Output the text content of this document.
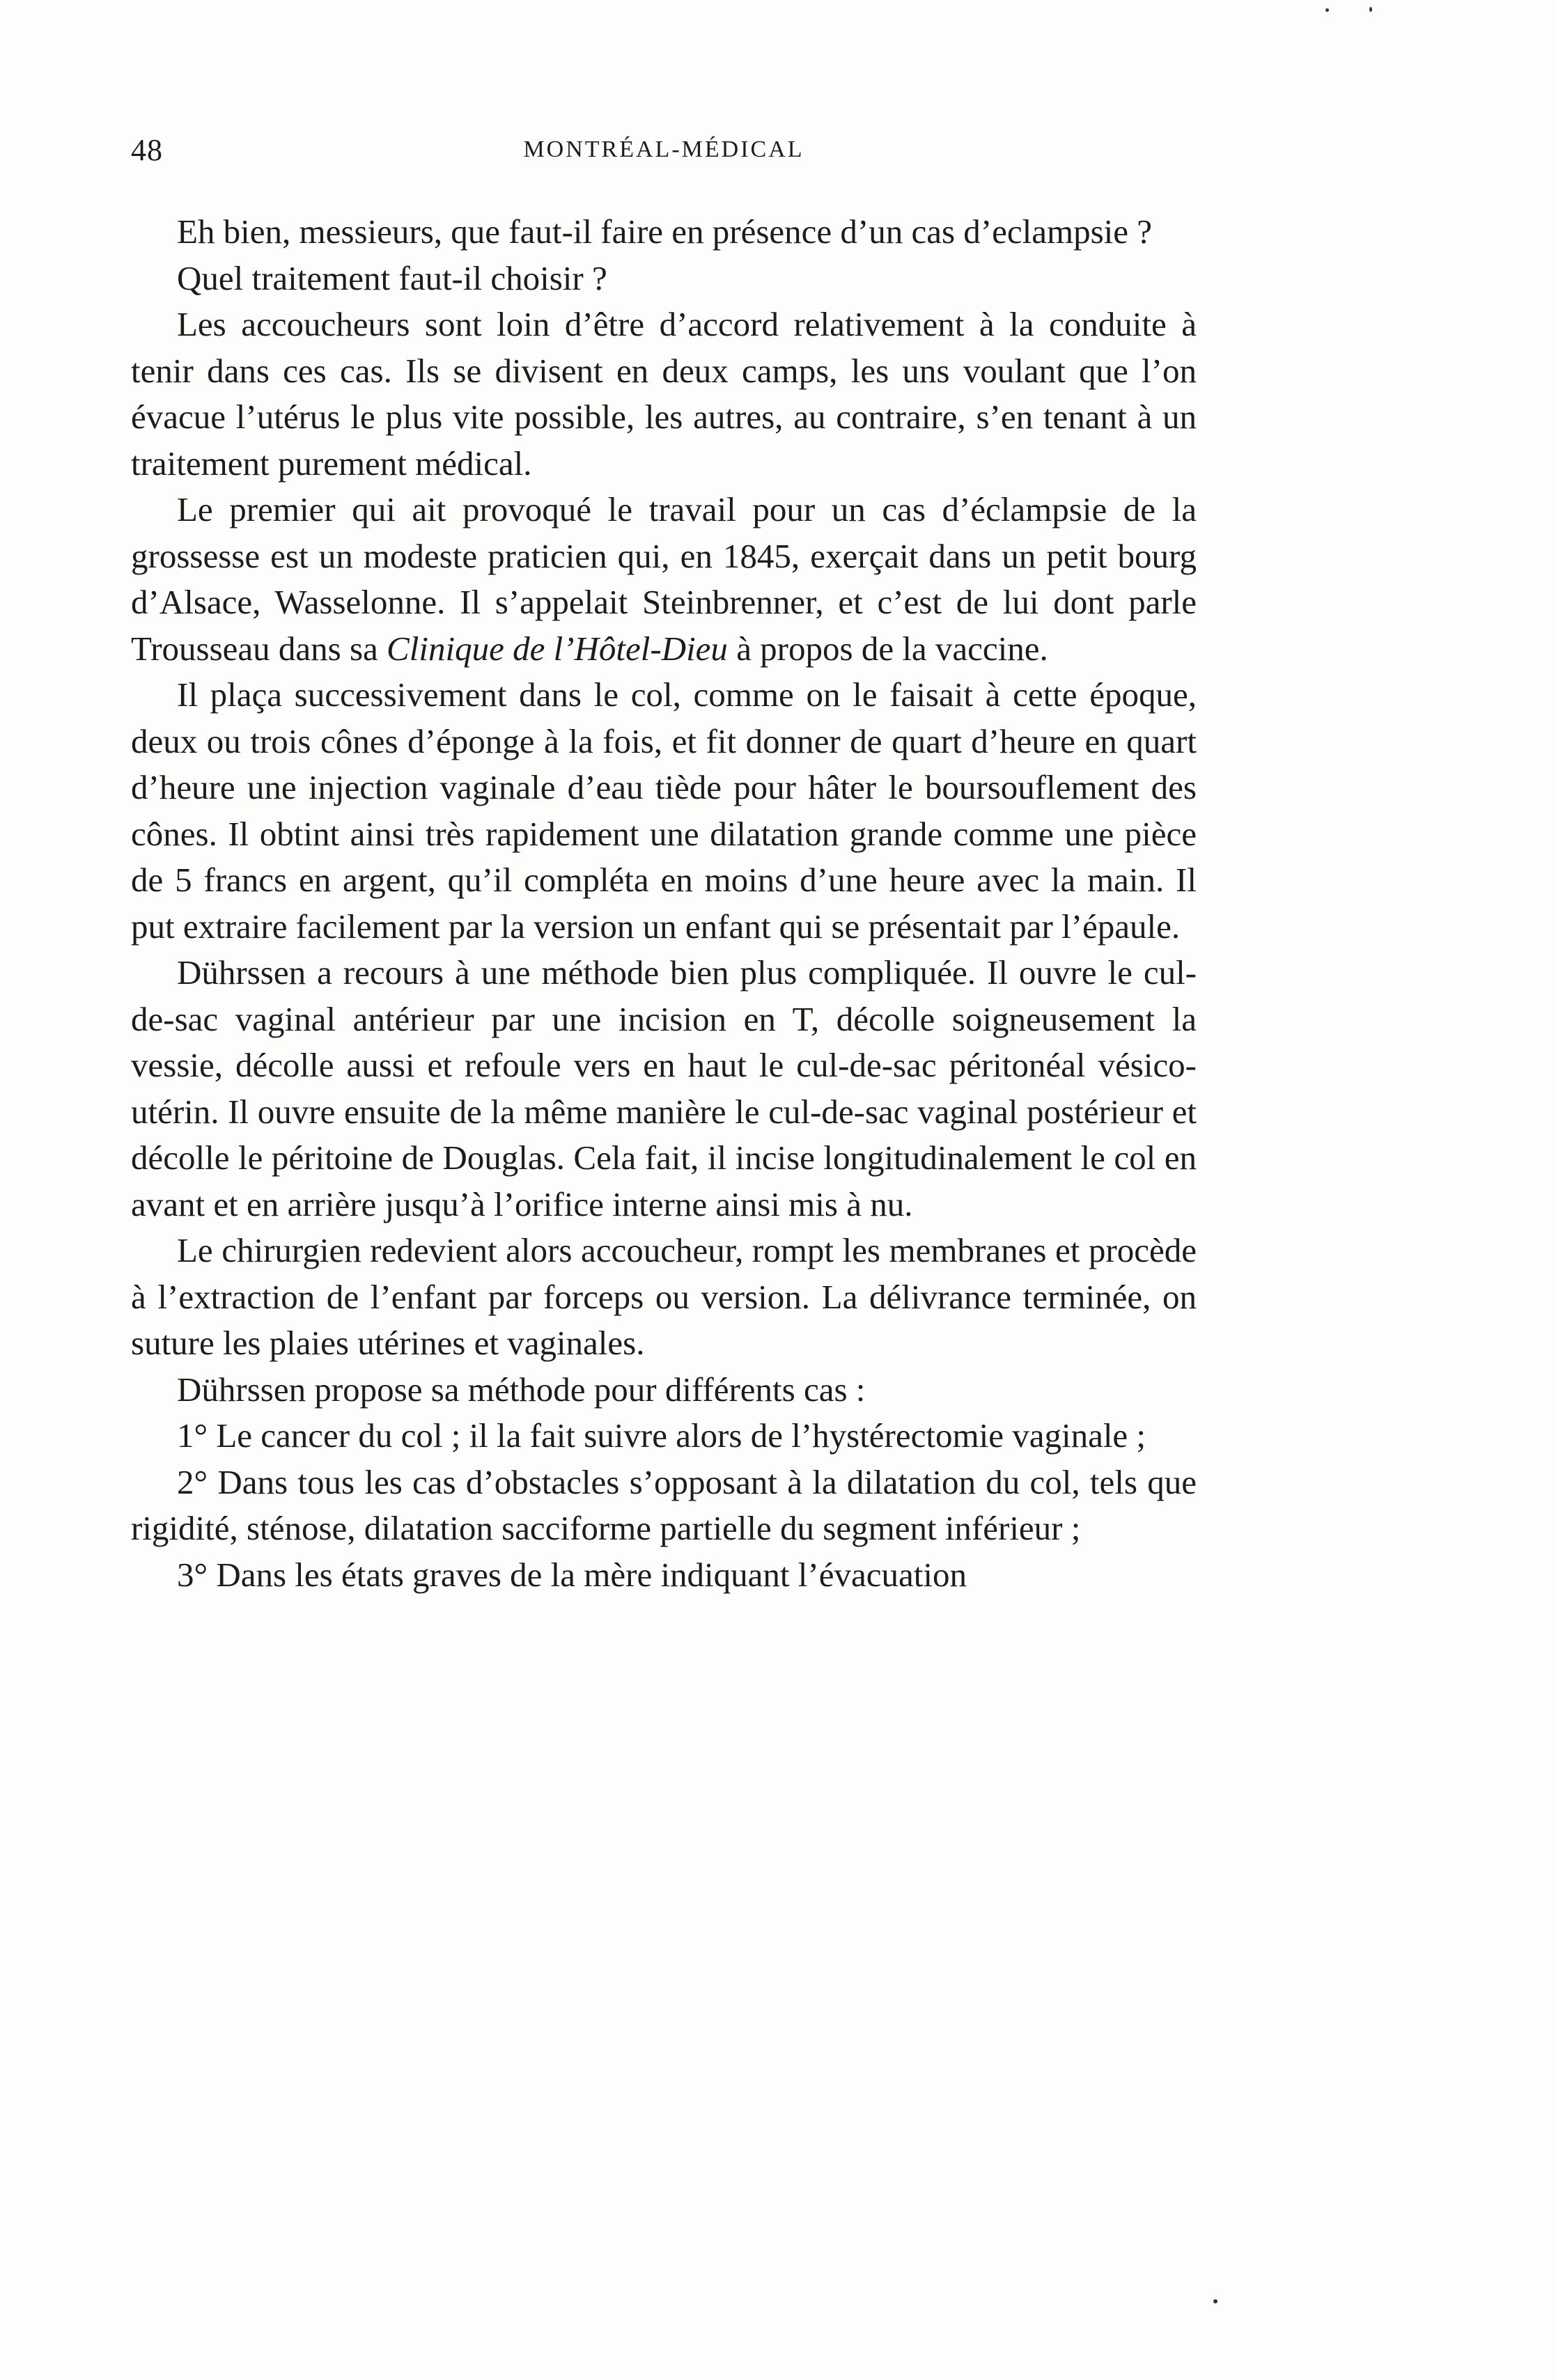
48	MONTRÉAL-MÉDICAL

Eh bien, messieurs, que faut-il faire en présence d’un cas d’eclampsie ?

Quel traitement faut-il choisir ?

Les accoucheurs sont loin d’être d’accord relativement à la conduite à tenir dans ces cas. Ils se divisent en deux camps, les uns voulant que l’on évacue l’utérus le plus vite possible, les autres, au contraire, s’en tenant à un traitement purement médical.

Le premier qui ait provoqué le travail pour un cas d’éclampsie de la grossesse est un modeste praticien qui, en 1845, exerçait dans un petit bourg d’Alsace, Wasselonne. Il s’appelait Steinbrenner, et c’est de lui dont parle Trousseau dans sa Clinique de l’Hôtel-Dieu à propos de la vaccine.

Il plaça successivement dans le col, comme on le faisait à cette époque, deux ou trois cônes d’éponge à la fois, et fit donner de quart d’heure en quart d’heure une injection vaginale d’eau tiède pour hâter le boursouflement des cônes. Il obtint ainsi très rapidement une dilatation grande comme une pièce de 5 francs en argent, qu’il compléta en moins d’une heure avec la main. Il put extraire facilement par la version un enfant qui se présentait par l’épaule.

Dührssen a recours à une méthode bien plus compliquée. Il ouvre le cul-de-sac vaginal antérieur par une incision en T, décolle soigneusement la vessie, décolle aussi et refoule vers en haut le cul-de-sac péritonéal vésico-utérin. Il ouvre ensuite de la même manière le cul-de-sac vaginal postérieur et décolle le péritoine de Douglas. Cela fait, il incise longitudinalement le col en avant et en arrière jusqu’à l’orifice interne ainsi mis à nu.

Le chirurgien redevient alors accoucheur, rompt les membranes et procède à l’extraction de l’enfant par forceps ou version. La délivrance terminée, on suture les plaies utérines et vaginales.

Dührssen propose sa méthode pour différents cas :

1° Le cancer du col ; il la fait suivre alors de l’hystérectomie vaginale ;

2° Dans tous les cas d’obstacles s’opposant à la dilatation du col, tels que rigidité, sténose, dilatation sacciforme partielle du segment inférieur ;

3° Dans les états graves de la mère indiquant l’évacuation
